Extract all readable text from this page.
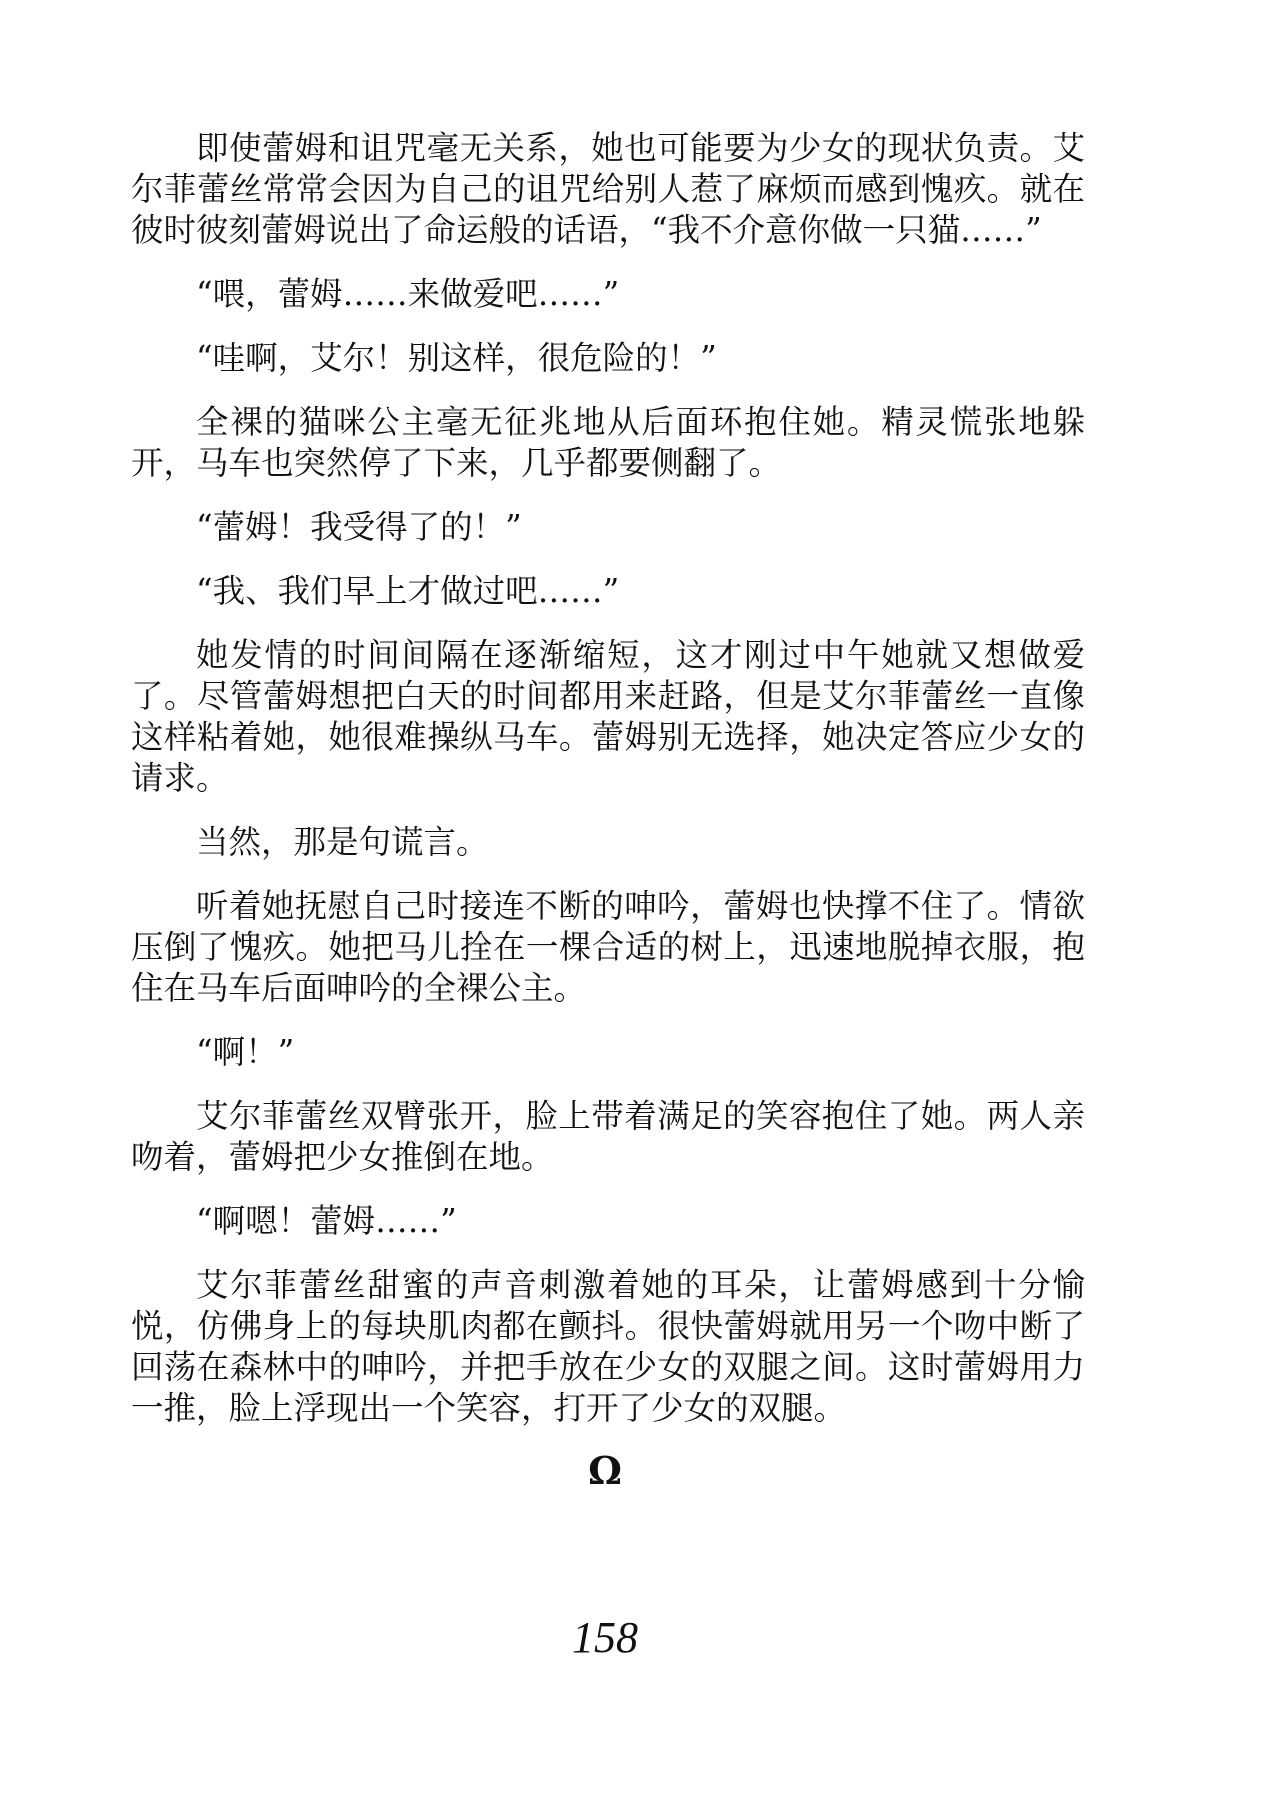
即使蕾姆和诅咒毫无关系，她也可能要为少女的现状负责。艾尔菲蕾丝常常会因为自己的诅咒给别人惹了麻烦而感到愧疚。就在彼时彼刻蕾姆说出了命运般的话语，“我不介意你做一只猫……”

“喂，蕾姆……来做爱吧……”

“哇啊，艾尔！别这样，很危险的！”

全裸的猫咪公主毫无征兆地从后面环抱住她。精灵慌张地躲开，马车也突然停了下来，几乎都要侧翻了。

“蕾姆！我受得了的！”

“我、我们早上才做过吧……”

她发情的时间间隔在逐渐缩短，这才刚过中午她就又想做爱了。尽管蕾姆想把白天的时间都用来赶路，但是艾尔菲蕾丝一直像这样粘着她，她很难操纵马车。蕾姆别无选择，她决定答应少女的请求。

当然，那是句谎言。

听着她抚慰自己时接连不断的呻吟，蕾姆也快撑不住了。情欲压倒了愧疚。她把马儿拴在一棵合适的树上，迅速地脱掉衣服，抱住在马车后面呻吟的全裸公主。

“啊！”

艾尔菲蕾丝双臂张开，脸上带着满足的笑容抱住了她。两人亲吻着，蕾姆把少女推倒在地。

“啊嗯！蕾姆……”

艾尔菲蕾丝甜蜜的声音刺激着她的耳朵，让蕾姆感到十分愉悦，仿佛身上的每块肌肉都在颤抖。很快蕾姆就用另一个吻中断了回荡在森林中的呻吟，并把手放在少女的双腿之间。这时蕾姆用力一推，脸上浮现出一个笑容，打开了少女的双腿。

Ω
158
